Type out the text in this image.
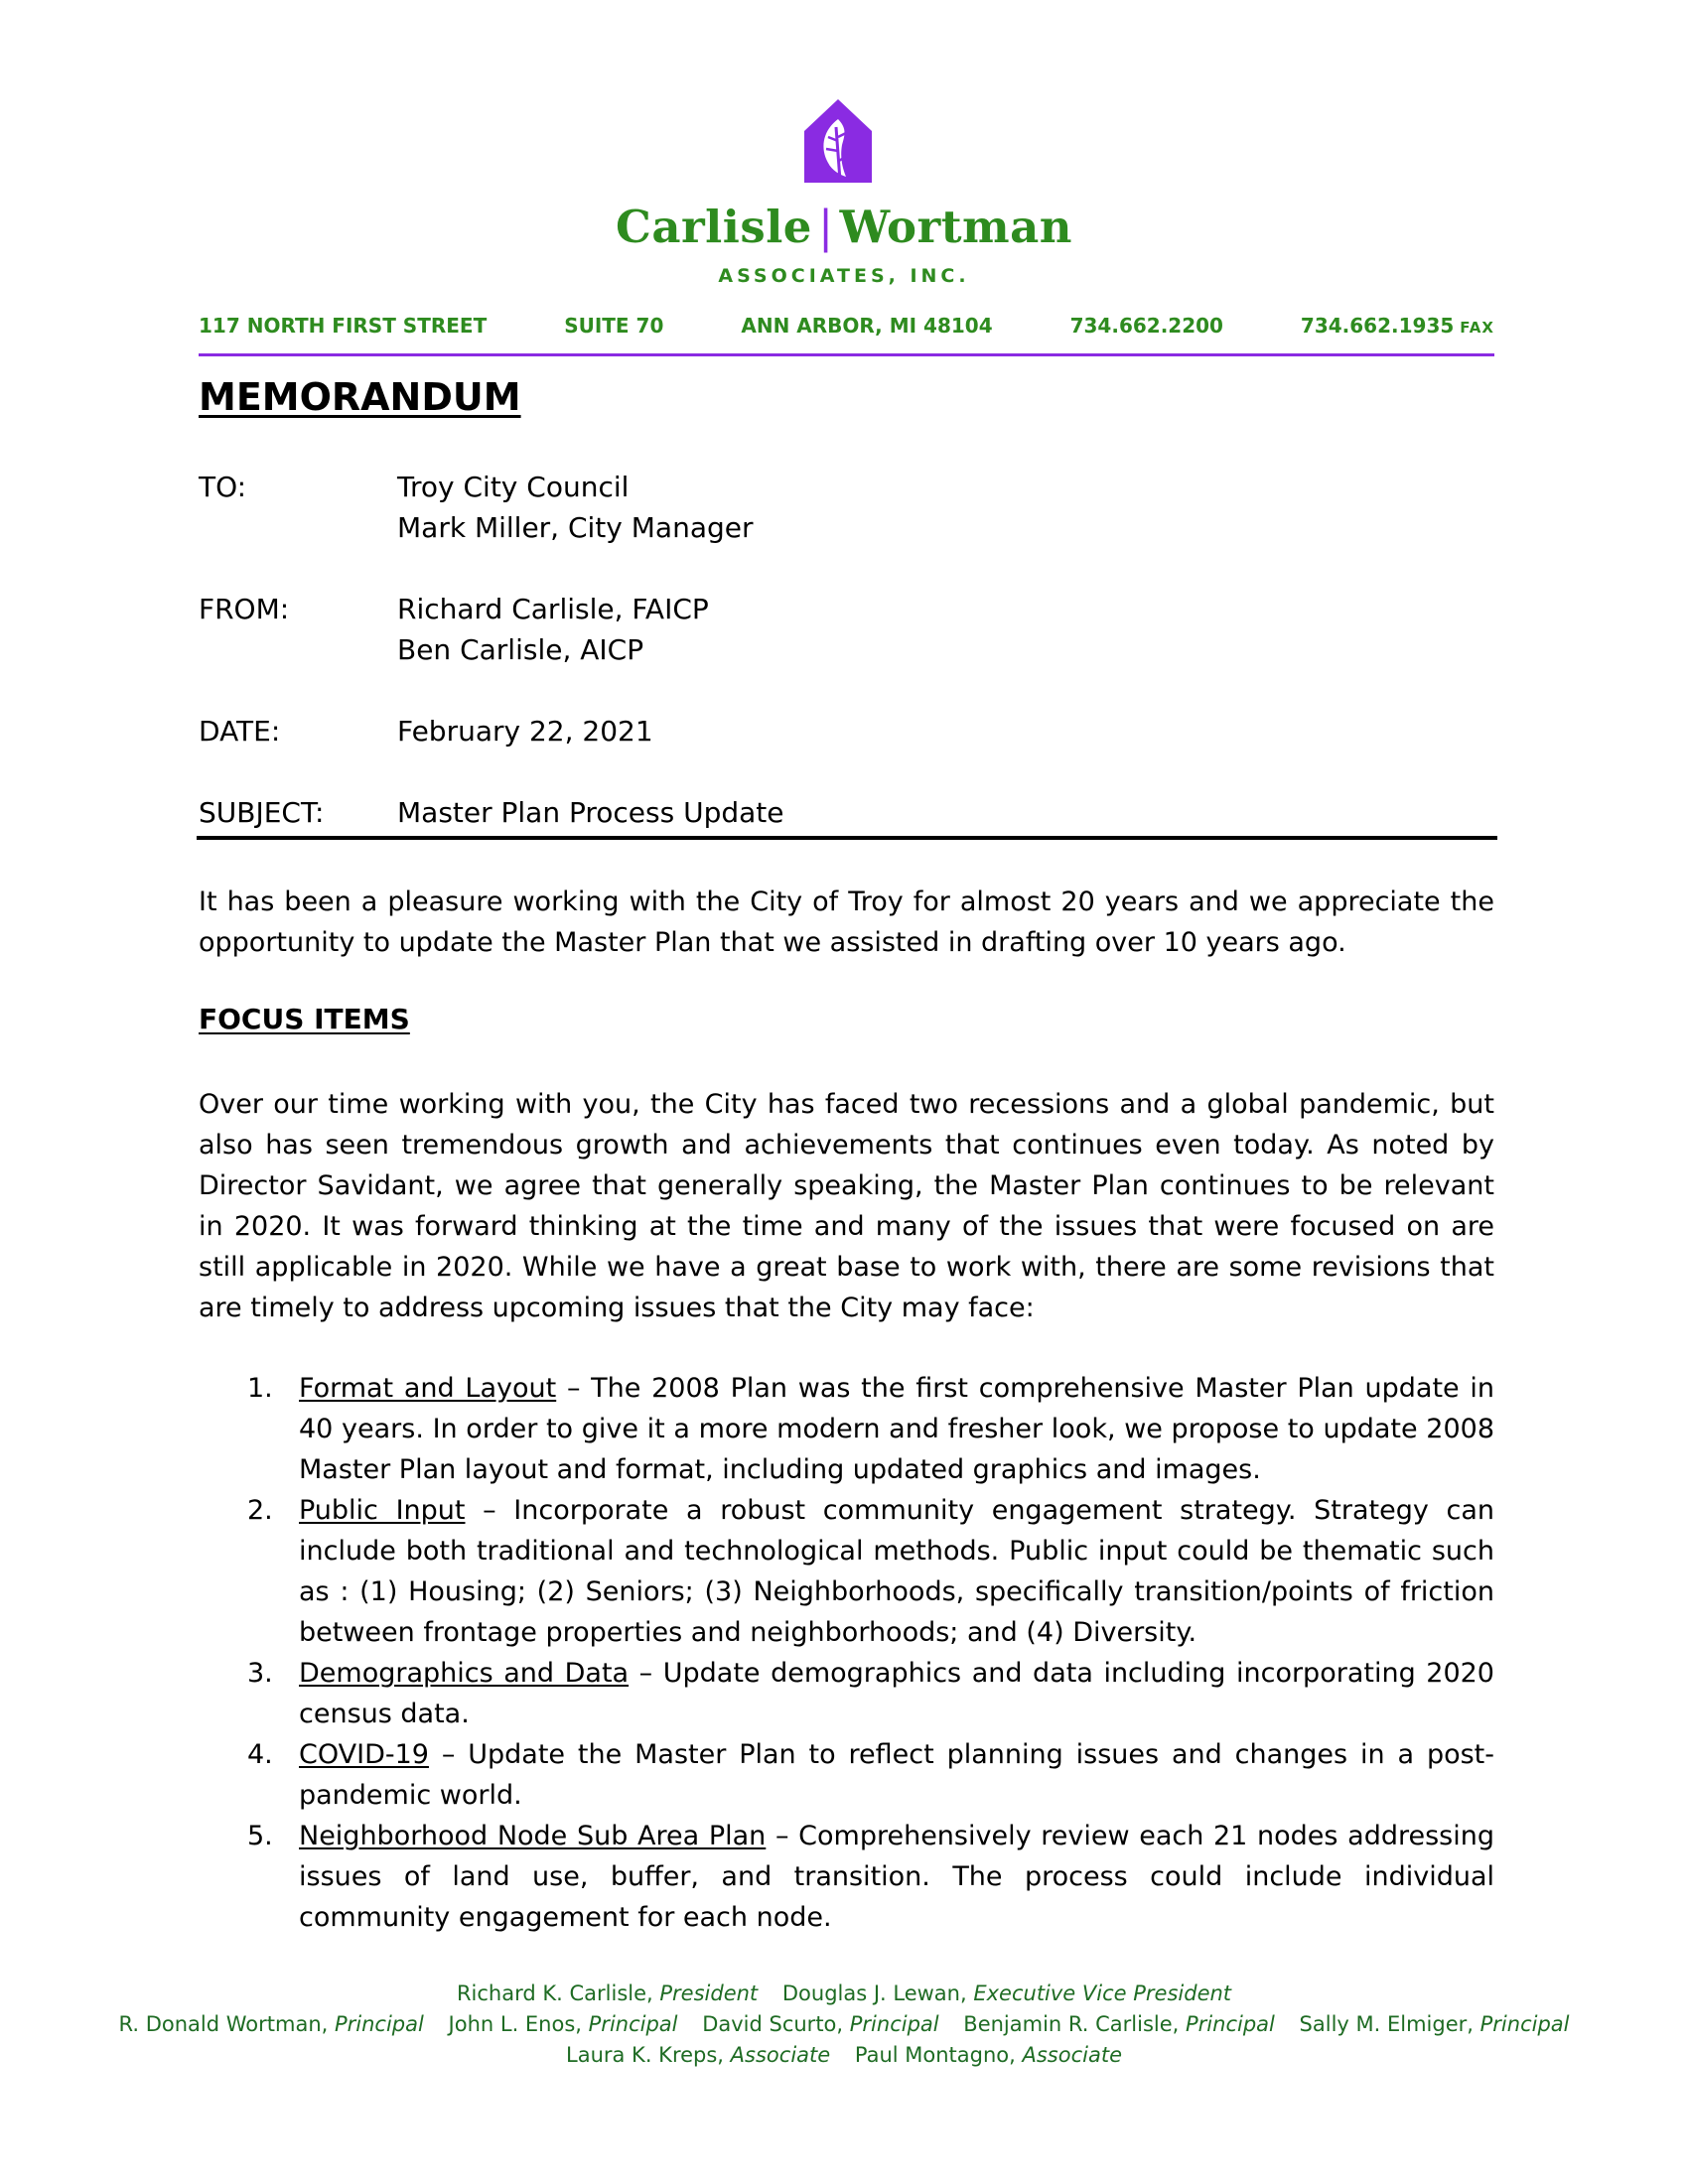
Carlisle | Wortman
ASSOCIATES, INC.
117 NORTH FIRST STREET	SUITE 70	ANN ARBOR, MI 48104	734.662.2200	734.662.1935 FAX
MEMORANDUM
TO:	Troy City Council
Mark Miller, City Manager
FROM:	Richard Carlisle, FAICP
Ben Carlisle, AICP
DATE:	February 22, 2021
SUBJECT:	Master Plan Process Update

It has been a pleasure working with the City of Troy for almost 20 years and we appreciate the opportunity to update the Master Plan that we assisted in drafting over 10 years ago.

FOCUS ITEMS

Over our time working with you, the City has faced two recessions and a global pandemic, but also has seen tremendous growth and achievements that continues even today. As noted by Director Savidant, we agree that generally speaking, the Master Plan continues to be relevant in 2020. It was forward thinking at the time and many of the issues that were focused on are still applicable in 2020. While we have a great base to work with, there are some revisions that are timely to address upcoming issues that the City may face:

1. Format and Layout – The 2008 Plan was the first comprehensive Master Plan update in 40 years. In order to give it a more modern and fresher look, we propose to update 2008 Master Plan layout and format, including updated graphics and images.
2. Public Input – Incorporate a robust community engagement strategy. Strategy can include both traditional and technological methods. Public input could be thematic such as : (1) Housing; (2) Seniors; (3) Neighborhoods, specifically transition/points of friction between frontage properties and neighborhoods; and (4) Diversity.
3. Demographics and Data – Update demographics and data including incorporating 2020 census data.
4. COVID-19 – Update the Master Plan to reflect planning issues and changes in a post-pandemic world.
5. Neighborhood Node Sub Area Plan – Comprehensively review each 21 nodes addressing issues of land use, buffer, and transition. The process could include individual community engagement for each node.
Richard K. Carlisle, President Douglas J. Lewan, Executive Vice President
R. Donald Wortman, Principal John L. Enos, Principal David Scurto, Principal Benjamin R. Carlisle, Principal Sally M. Elmiger, Principal
Laura K. Kreps, Associate Paul Montagno, Associate
